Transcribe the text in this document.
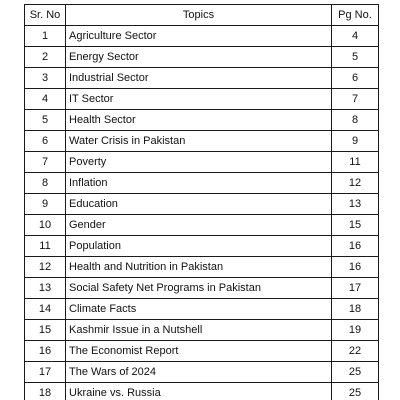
Sr. No	Topics	Pg No.
1	Agriculture Sector	4
2	Energy Sector	5
3	Industrial Sector	6
4	IT Sector	7
5	Health Sector	8
6	Water Crisis in Pakistan	9
7	Poverty	11
8	Inflation	12
9	Education	13
10	Gender	15
11	Population	16
12	Health and Nutrition in Pakistan	16
13	Social Safety Net Programs in Pakistan	17
14	Climate Facts	18
15	Kashmir Issue in a Nutshell	19
16	The Economist Report	22
17	The Wars of 2024	25
18	Ukraine vs. Russia	25
